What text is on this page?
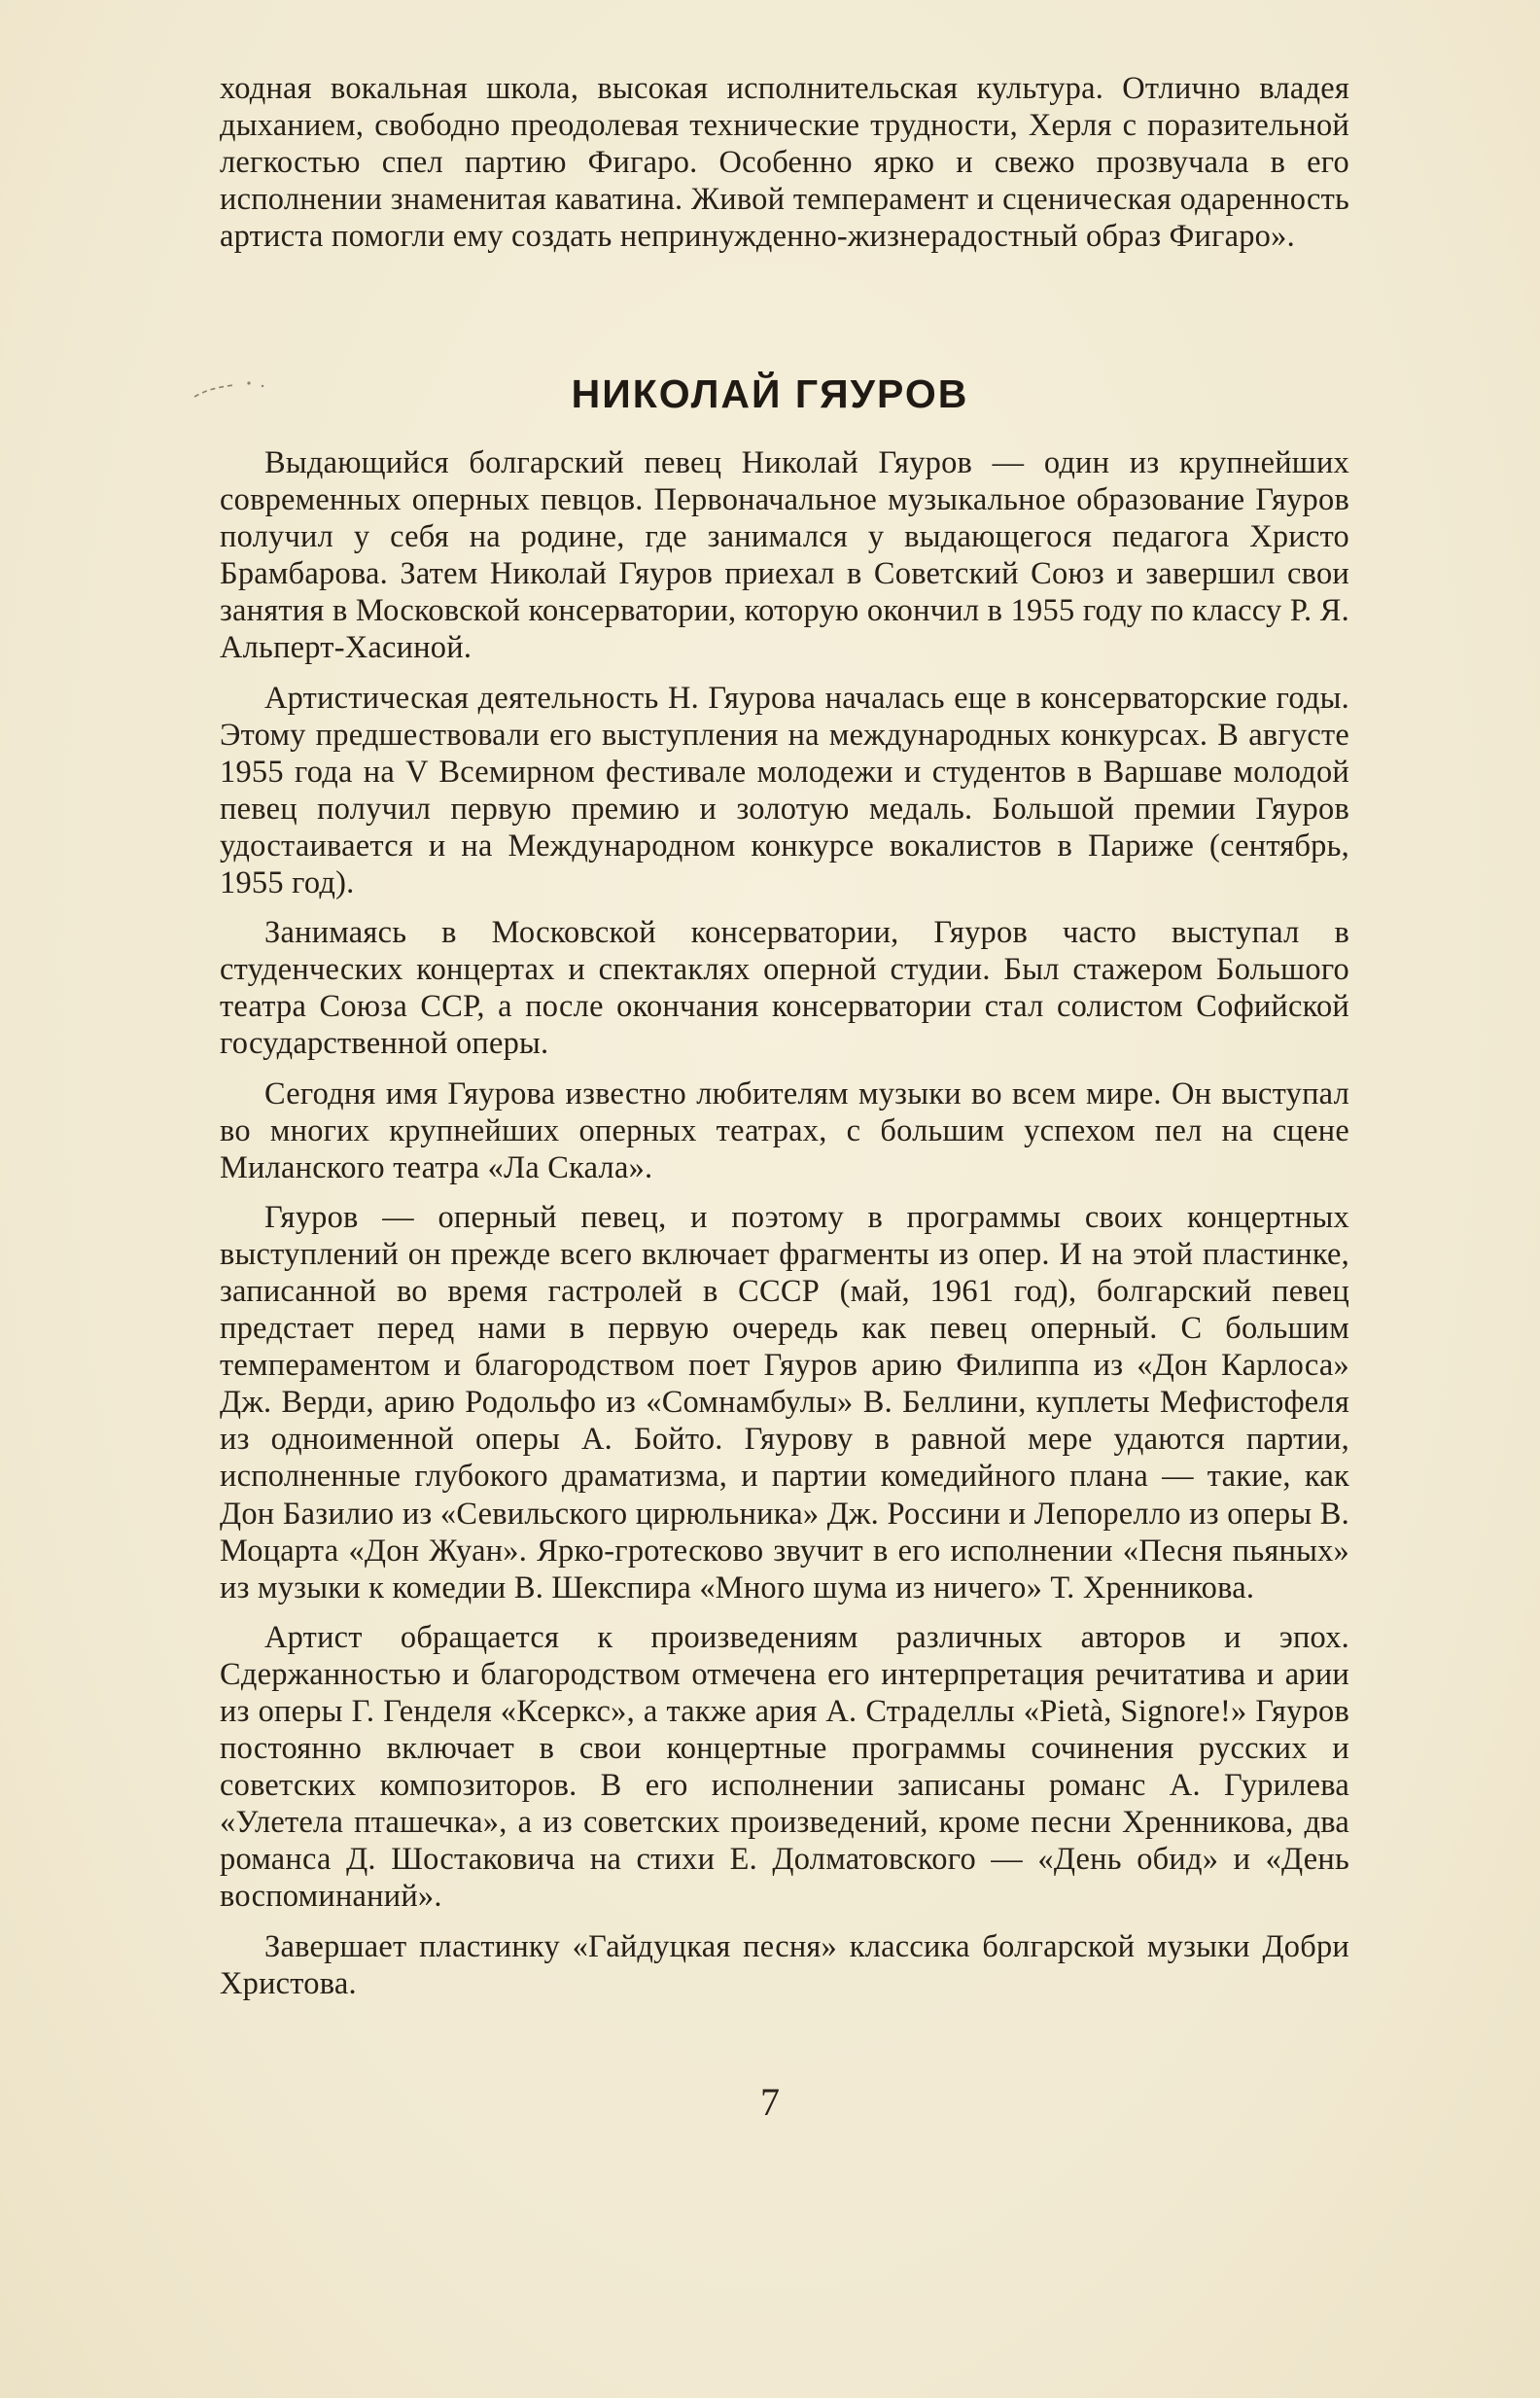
ходная вокальная школа, высокая исполнительская культура. Отлично владея дыханием, свободно преодолевая технические трудности, Херля с поразительной легкостью спел партию Фигаро. Особенно ярко и свежо прозвучала в его исполнении знаменитая каватина. Живой темперамент и сценическая одаренность артиста помогли ему создать непринужденно-жизнерадостный образ Фигаро».

НИКОЛАЙ ГЯУРОВ

Выдающийся болгарский певец Николай Гяуров — один из крупнейших современных оперных певцов. Первоначальное музыкальное образование Гяуров получил у себя на родине, где занимался у выдающегося педагога Христо Брамбарова. Затем Николай Гяуров приехал в Советский Союз и завершил свои занятия в Московской консерватории, которую окончил в 1955 году по классу Р. Я. Альперт-Хасиной.

Артистическая деятельность Н. Гяурова началась еще в консерваторские годы. Этому предшествовали его выступления на международных конкурсах. В августе 1955 года на V Всемирном фестивале молодежи и студентов в Варшаве молодой певец получил первую премию и золотую медаль. Большой премии Гяуров удостаивается и на Международном конкурсе вокалистов в Париже (сентябрь, 1955 год).

Занимаясь в Московской консерватории, Гяуров часто выступал в студенческих концертах и спектаклях оперной студии. Был стажером Большого театра Союза ССР, а после окончания консерватории стал солистом Софийской государственной оперы.

Сегодня имя Гяурова известно любителям музыки во всем мире. Он выступал во многих крупнейших оперных театрах, с большим успехом пел на сцене Миланского театра «Ла Скала».

Гяуров — оперный певец, и поэтому в программы своих концертных выступлений он прежде всего включает фрагменты из опер. И на этой пластинке, записанной во время гастролей в СССР (май, 1961 год), болгарский певец предстает перед нами в первую очередь как певец оперный. С большим темпераментом и благородством поет Гяуров арию Филиппа из «Дон Карлоса» Дж. Верди, арию Родольфо из «Сомнамбулы» В. Беллини, куплеты Мефистофеля из одноименной оперы А. Бойто. Гяурову в равной мере удаются партии, исполненные глубокого драматизма, и партии комедийного плана — такие, как Дон Базилио из «Севильского цирюльника» Дж. Россини и Лепорелло из оперы В. Моцарта «Дон Жуан». Ярко-гротесково звучит в его исполнении «Песня пьяных» из музыки к комедии В. Шекспира «Много шума из ничего» Т. Хренникова.

Артист обращается к произведениям различных авторов и эпох. Сдержанностью и благородством отмечена его интерпретация речитатива и арии из оперы Г. Генделя «Ксеркс», а также ария А. Страделлы «Pietà, Signore!» Гяуров постоянно включает в свои концертные программы сочинения русских и советских композиторов. В его исполнении записаны романс А. Гурилева «Улетела пташечка», а из советских произведений, кроме песни Хренникова, два романса Д. Шостаковича на стихи Е. Долматовского — «День обид» и «День воспоминаний».

Завершает пластинку «Гайдуцкая песня» классика болгарской музыки Добри Христова.

7
